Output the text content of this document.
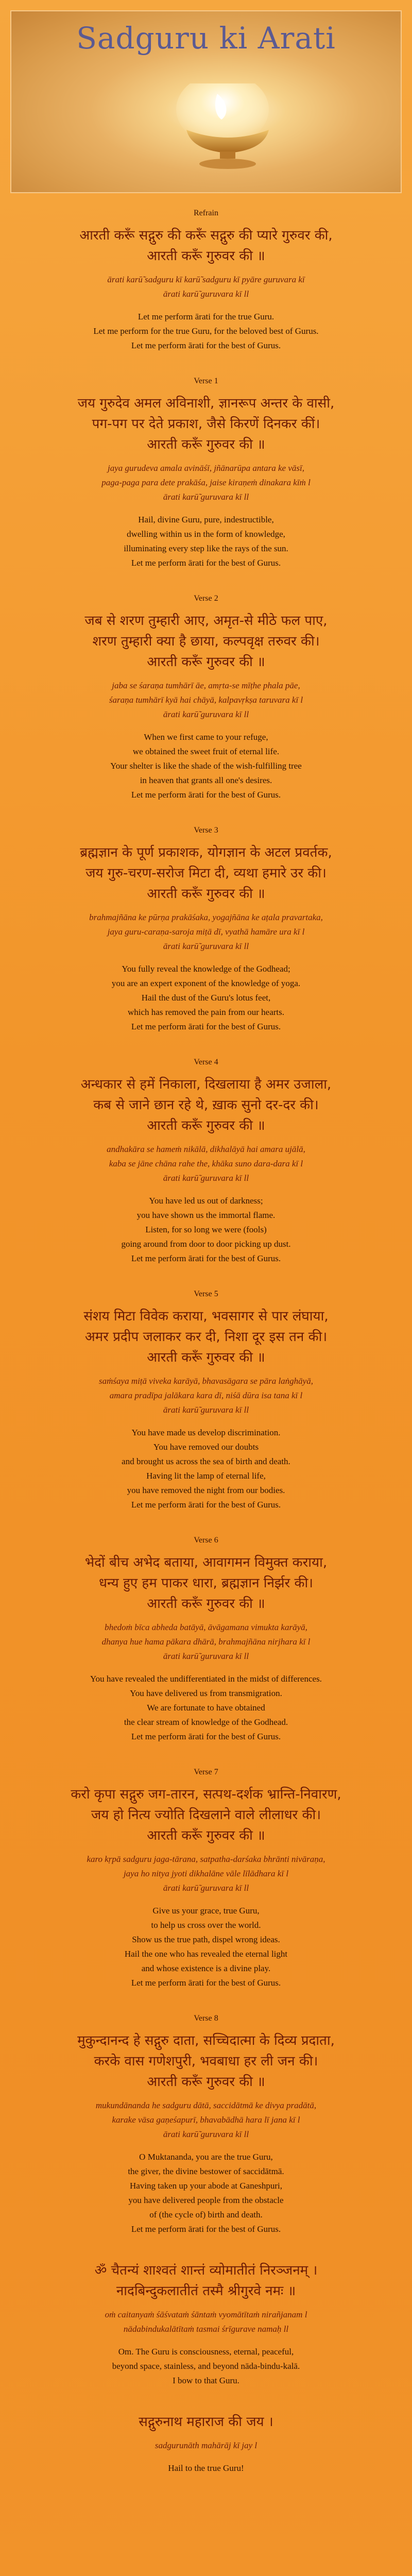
Sadguru ki Arati
Refrain
आरती करूँ सद्गुरु की करूँ सद्गुरु की प्यारे गुरुवर की,
आरती करूँ गुरुवर की ॥
ārati karū̃ sadguru kī karū̃ sadguru kī pyāre guruvara kī
ārati karū̃ guruvara kī ll
Let me perform ārati for the true Guru.
Let me perform for the true Guru, for the beloved best of Gurus.
Let me perform ārati for the best of Gurus.
Verse 1
जय गुरुदेव अमल अविनाशी, ज्ञानरूप अन्तर के वासी,
पग-पग पर देते प्रकाश, जैसे किरणें दिनकर कीं।
आरती करूँ गुरुवर की ॥
jaya gurudeva amala avināśī, jñānarūpa antara ke vāsī,
paga-paga para dete prakāśa, jaise kiraṇeṁ dinakara kīṁ l
ārati karū̃ guruvara kī ll
Hail, divine Guru, pure, indestructible,
dwelling within us in the form of knowledge,
illuminating every step like the rays of the sun.
Let me perform ārati for the best of Gurus.
Verse 2
जब से शरण तुम्हारी आए, अमृत-से मीठे फल पाए,
शरण तुम्हारी क्या है छाया, कल्पवृक्ष तरुवर की।
आरती करूँ गुरुवर की ॥
jaba se śaraṇa tumhārī āe, amṛta-se mīṭhe phala pāe,
śaraṇa tumhārī kyā hai chāyā, kalpavṛkṣa taruvara kī l
ārati karū̃ guruvara kī ll
When we first came to your refuge,
we obtained the sweet fruit of eternal life.
Your shelter is like the shade of the wish-fulfilling tree
in heaven that grants all one's desires.
Let me perform ārati for the best of Gurus.
Verse 3
ब्रह्मज्ञान के पूर्ण प्रकाशक, योगज्ञान के अटल प्रवर्तक,
जय गुरु-चरण-सरोज मिटा दी, व्यथा हमारे उर की।
आरती करूँ गुरुवर की ॥
brahmajñāna ke pūrṇa prakāśaka, yogajñāna ke aṭala pravartaka,
jaya guru-caraṇa-saroja miṭā dī, vyathā hamāre ura kī l
ārati karū̃ guruvara kī ll
You fully reveal the knowledge of the Godhead;
you are an expert exponent of the knowledge of yoga.
Hail the dust of the Guru's lotus feet,
which has removed the pain from our hearts.
Let me perform ārati for the best of Gurus.
Verse 4
अन्धकार से हमें निकाला, दिखलाया है अमर उजाला,
कब से जाने छान रहे थे, ख़ाक सुनो दर-दर की।
आरती करूँ गुरुवर की ॥
andhakāra se hameṁ nikālā, dikhalāyā hai amara ujālā,
kaba se jāne chāna rahe the, khāka suno dara-dara kī l
ārati karū̃ guruvara kī ll
You have led us out of darkness;
you have shown us the immortal flame.
Listen, for so long we were (fools)
going around from door to door picking up dust.
Let me perform ārati for the best of Gurus.
Verse 5
संशय मिटा विवेक कराया, भवसागर से पार लंघाया,
अमर प्रदीप जलाकर कर दी, निशा दूर इस तन की।
आरती करूँ गुरुवर की ॥
saṁśaya miṭā viveka karāyā, bhavasāgara se pāra laṅghāyā,
amara pradīpa jalākara kara dī, niśā dūra isa tana kī l
ārati karū̃ guruvara kī ll
You have made us develop discrimination.
You have removed our doubts
and brought us across the sea of birth and death.
Having lit the lamp of eternal life,
you have removed the night from our bodies.
Let me perform ārati for the best of Gurus.
Verse 6
भेदों बीच अभेद बताया, आवागमन विमुक्त कराया,
धन्य हुए हम पाकर धारा, ब्रह्मज्ञान निर्झर की।
आरती करूँ गुरुवर की ॥
bhedoṁ bīca abheda batāyā, āvāgamana vimukta karāyā,
dhanya hue hama pākara dhārā, brahmajñāna nirjhara kī l
ārati karū̃ guruvara kī ll
You have revealed the undifferentiated in the midst of differences.
You have delivered us from transmigration.
We are fortunate to have obtained
the clear stream of knowledge of the Godhead.
Let me perform ārati for the best of Gurus.
Verse 7
करो कृपा सद्गुरु जग-तारन, सत्पथ-दर्शक भ्रान्ति-निवारण,
जय हो नित्य ज्योति दिखलाने वाले लीलाधर की।
आरती करूँ गुरुवर की ॥
karo kṛpā sadguru jaga-tārana, satpatha-darśaka bhrānti nivāraṇa,
jaya ho nitya jyoti dikhalāne vāle līlādhara kī l
ārati karū̃ guruvara kī ll
Give us your grace, true Guru,
to help us cross over the world.
Show us the true path, dispel wrong ideas.
Hail the one who has revealed the eternal light
and whose existence is a divine play.
Let me perform ārati for the best of Gurus.
Verse 8
मुकुन्दानन्द हे सद्गुरु दाता, सच्चिदात्मा के दिव्य प्रदाता,
करके वास गणेशपुरी, भवबाधा हर ली जन की।
आरती करूँ गुरुवर की ॥
mukundānanda he sadguru dātā, saccidātmā ke divya pradātā,
karake vāsa gaṇeśapurī, bhavabādhā hara lī jana kī l
ārati karū̃ guruvara kī ll
O Muktananda, you are the true Guru,
the giver, the divine bestower of saccidātmā.
Having taken up your abode at Ganeshpuri,
you have delivered people from the obstacle
of (the cycle of) birth and death.
Let me perform ārati for the best of Gurus.
ॐ चैतन्यं शाश्वतं शान्तं व्योमातीतं निरञ्जनम् ।
नादबिन्दुकलातीतं तस्मै श्रीगुरवे नमः ॥
oṁ caitanyaṁ śāśvataṁ śāntaṁ vyomātītaṁ nirañjanam l
nādabindukalātītaṁ tasmai śrīgurave namaḥ ll
Om. The Guru is consciousness, eternal, peaceful,
beyond space, stainless, and beyond nāda-bindu-kalā.
I bow to that Guru.
सद्गुरुनाथ महाराज की जय ।
sadgurunāth mahārāj kī jay l
Hail to the true Guru!
